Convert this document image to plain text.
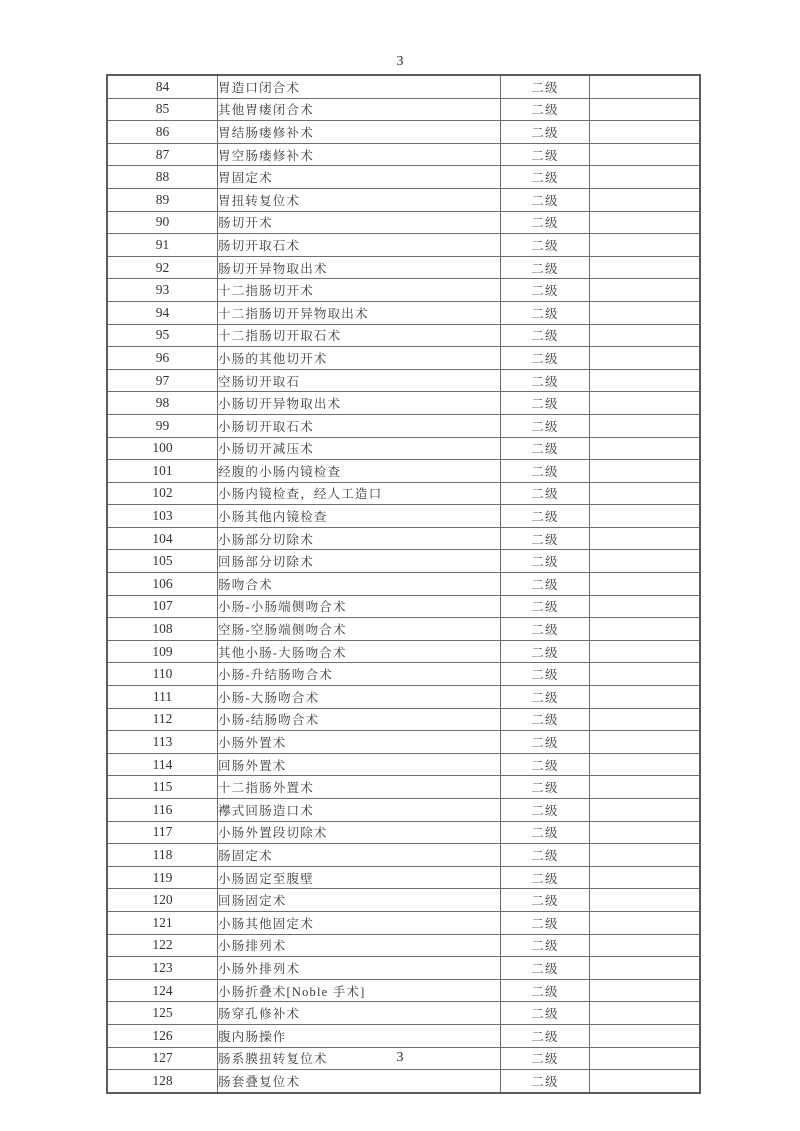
3
84	胃造口闭合术	二级	
85	其他胃瘘闭合术	二级	
86	胃结肠瘘修补术	二级	
87	胃空肠瘘修补术	二级	
88	胃固定术	二级	
89	胃扭转复位术	二级	
90	肠切开术	二级	
91	肠切开取石术	二级	
92	肠切开异物取出术	二级	
93	十二指肠切开术	二级	
94	十二指肠切开异物取出术	二级	
95	十二指肠切开取石术	二级	
96	小肠的其他切开术	二级	
97	空肠切开取石	二级	
98	小肠切开异物取出术	二级	
99	小肠切开取石术	二级	
100	小肠切开减压术	二级	
101	经腹的小肠内镜检查	二级	
102	小肠内镜检查，经人工造口	二级	
103	小肠其他内镜检查	二级	
104	小肠部分切除术	二级	
105	回肠部分切除术	二级	
106	肠吻合术	二级	
107	小肠-小肠端侧吻合术	二级	
108	空肠-空肠端侧吻合术	二级	
109	其他小肠-大肠吻合术	二级	
110	小肠-升结肠吻合术	二级	
111	小肠-大肠吻合术	二级	
112	小肠-结肠吻合术	二级	
113	小肠外置术	二级	
114	回肠外置术	二级	
115	十二指肠外置术	二级	
116	襻式回肠造口术	二级	
117	小肠外置段切除术	二级	
118	肠固定术	二级	
119	小肠固定至腹壁	二级	
120	回肠固定术	二级	
121	小肠其他固定术	二级	
122	小肠排列术	二级	
123	小肠外排列术	二级	
124	小肠折叠术[Noble 手术]	二级	
125	肠穿孔修补术	二级	
126	腹内肠操作	二级	
127	肠系膜扭转复位术	二级	
128	肠套叠复位术	二级	
3
